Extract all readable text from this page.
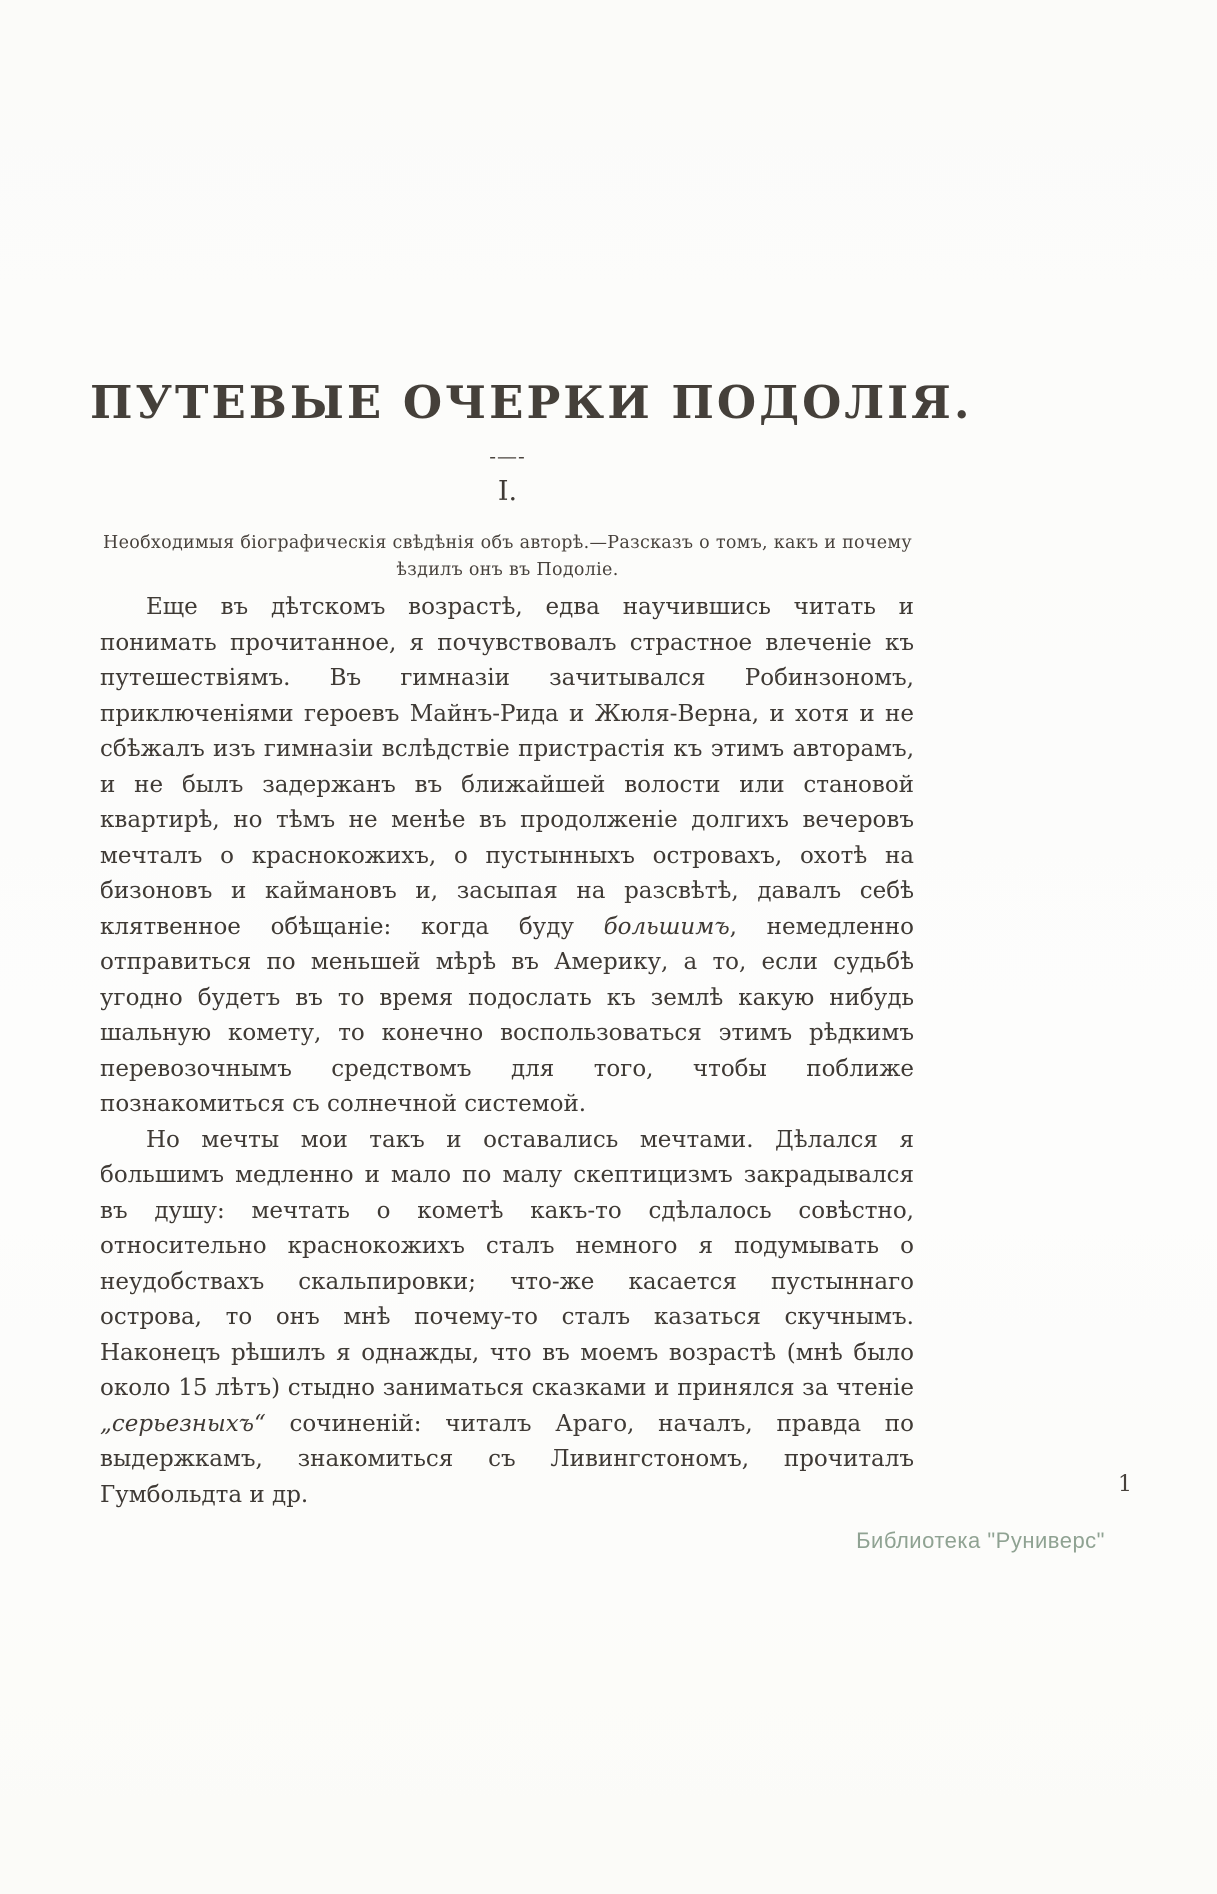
ПУТЕВЫЕ ОЧЕРКИ ПОДОЛІЯ.
-—-
I.
Необходимыя біографическія свѣдѣнія объ авторѣ.—Разсказъ о томъ, какъ и почему
ѣздилъ онъ въ Подоліе.

Еще въ дѣтскомъ возрастѣ, едва научившись читать и понимать прочитанное, я почувствовалъ страстное влеченіе къ путешествіямъ. Въ гимназіи зачитывался Робинзономъ, приключеніями героевъ Майнъ-Рида и Жюля-Верна, и хотя и не сбѣжалъ изъ гимназіи вслѣдствіе пристрастія къ этимъ авторамъ, и не былъ задержанъ въ ближайшей волости или становой квартирѣ, но тѣмъ не менѣе въ продолженіе долгихъ вечеровъ мечталъ о краснокожихъ, о пустынныхъ островахъ, охотѣ на бизоновъ и каймановъ и, засыпая на разсвѣтѣ, давалъ себѣ клятвенное обѣщаніе: когда буду большимъ, немедленно отправиться по меньшей мѣрѣ въ Америку, а то, если судьбѣ угодно будетъ въ то время подослать къ землѣ какую нибудь шальную комету, то конечно воспользоваться этимъ рѣдкимъ перевозочнымъ средствомъ для того, чтобы поближе познакомиться съ солнечной системой.

Но мечты мои такъ и оставались мечтами. Дѣлался я большимъ медленно и мало по малу скептицизмъ закрадывался въ душу: мечтать о кометѣ какъ-то сдѣлалось совѣстно, относительно краснокожихъ сталъ немного я подумывать о неудобствахъ скальпировки; что-же касается пустыннаго острова, то онъ мнѣ почему-то сталъ казаться скучнымъ. Наконецъ рѣшилъ я однажды, что въ моемъ возрастѣ (мнѣ было около 15 лѣтъ) стыдно заниматься сказками и принялся за чтеніе „серьезныхъ“ сочиненій: читалъ Араго, началъ, правда по выдержкамъ, знакомиться съ Ливингстономъ, прочиталъ Гумбольдта и др.	1
Библиотека "Руниверс"
